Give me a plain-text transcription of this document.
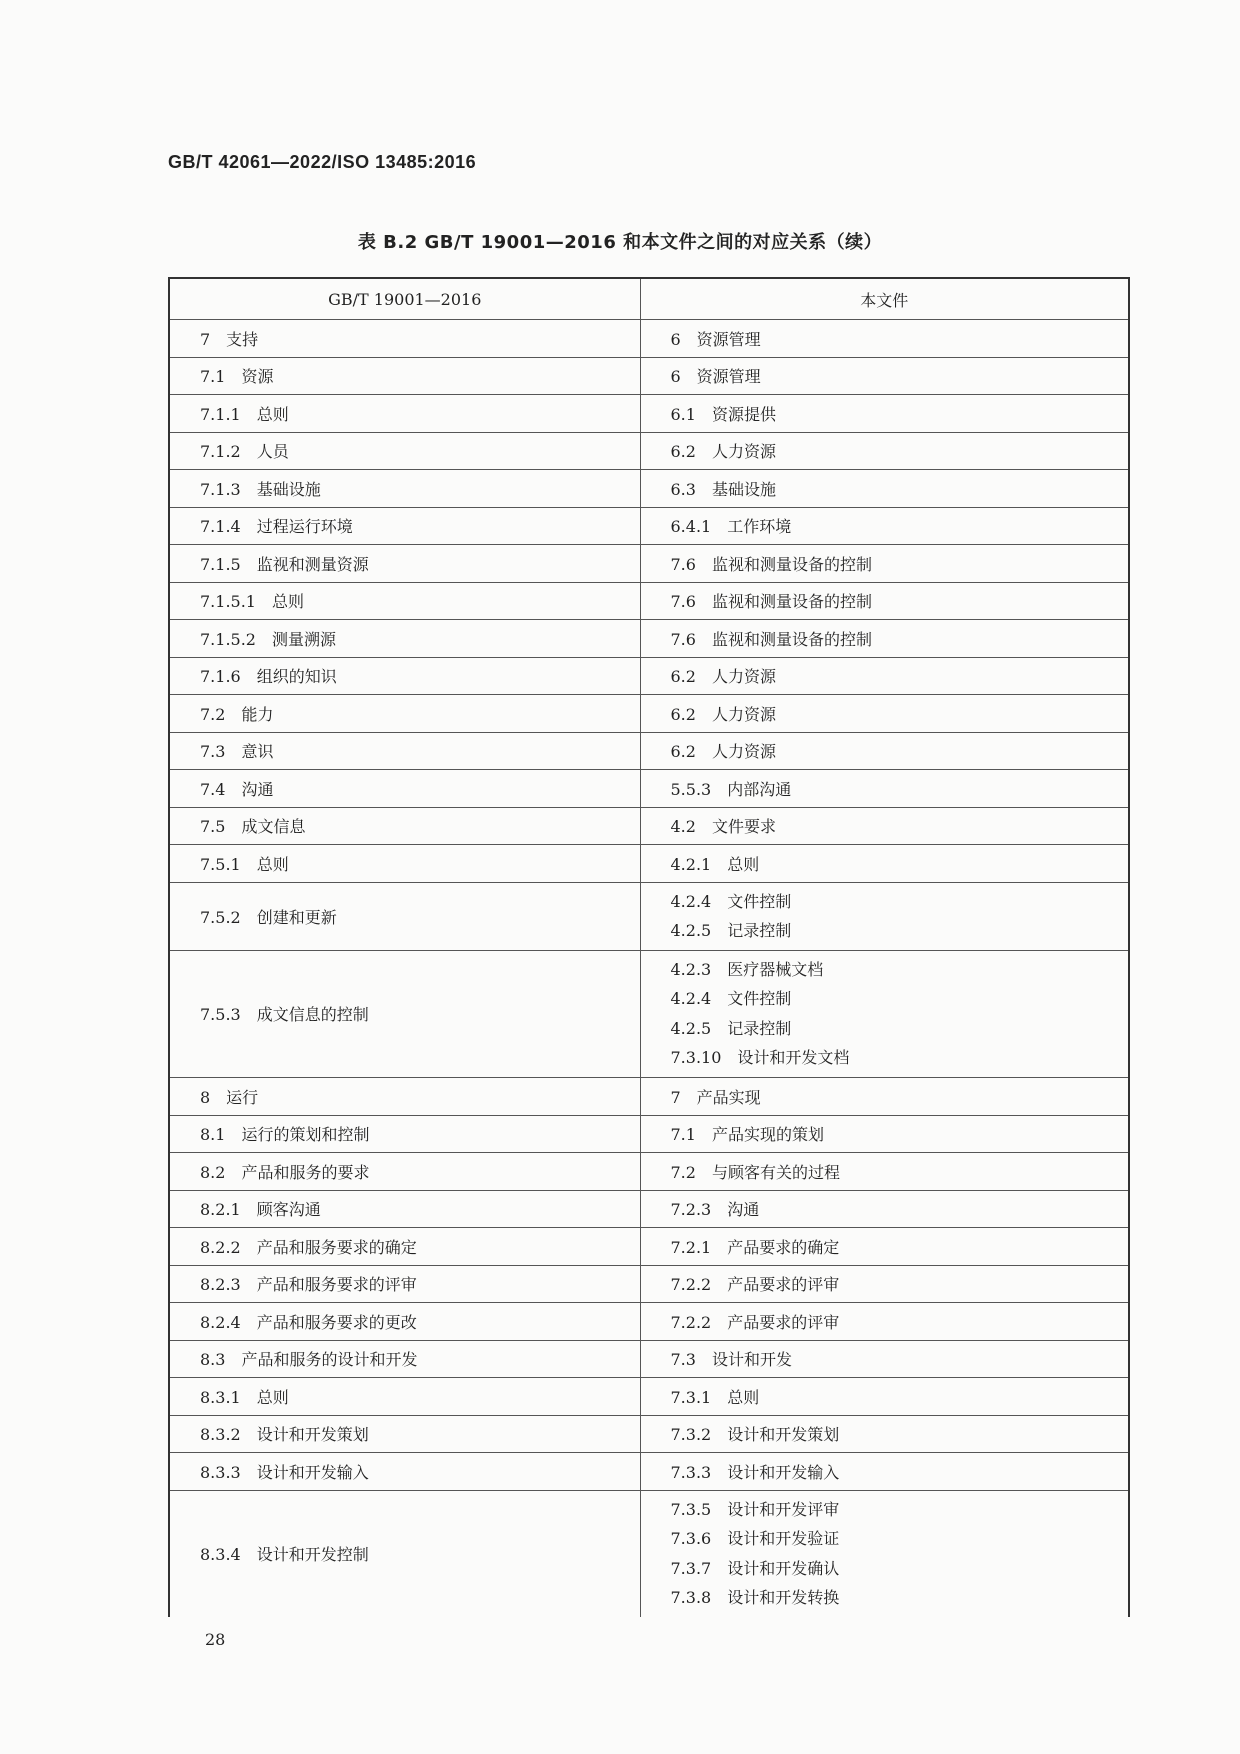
GB/T 42061—2022/ISO 13485:2016
表 B.2 GB/T 19001—2016 和本文件之间的对应关系（续）
GB/T 19001—2016	本文件
7　支持	6　资源管理

7.1　资源	6　资源管理

7.1.1　总则	6.1　资源提供

7.1.2　人员	6.2　人力资源

7.1.3　基础设施	6.3　基础设施

7.1.4　过程运行环境	6.4.1　工作环境

7.1.5　监视和测量资源	7.6　监视和测量设备的控制

7.1.5.1　总则	7.6　监视和测量设备的控制

7.1.5.2　测量溯源	7.6　监视和测量设备的控制

7.1.6　组织的知识	6.2　人力资源

7.2　能力	6.2　人力资源

7.3　意识	6.2　人力资源

7.4　沟通	5.5.3　内部沟通

7.5　成文信息	4.2　文件要求

7.5.1　总则	4.2.1　总则

7.5.2　创建和更新	4.2.4　文件控制
4.2.5　记录控制

7.5.3　成文信息的控制	4.2.3　医疗器械文档
4.2.4　文件控制
4.2.5　记录控制
7.3.10　设计和开发文档

8　运行	7　产品实现

8.1　运行的策划和控制	7.1　产品实现的策划

8.2　产品和服务的要求	7.2　与顾客有关的过程

8.2.1　顾客沟通	7.2.3　沟通

8.2.2　产品和服务要求的确定	7.2.1　产品要求的确定

8.2.3　产品和服务要求的评审	7.2.2　产品要求的评审

8.2.4　产品和服务要求的更改	7.2.2　产品要求的评审

8.3　产品和服务的设计和开发	7.3　设计和开发

8.3.1　总则	7.3.1　总则

8.3.2　设计和开发策划	7.3.2　设计和开发策划

8.3.3　设计和开发输入	7.3.3　设计和开发输入

8.3.4　设计和开发控制	7.3.5　设计和开发评审
7.3.6　设计和开发验证
7.3.7　设计和开发确认
7.3.8　设计和开发转换
28
